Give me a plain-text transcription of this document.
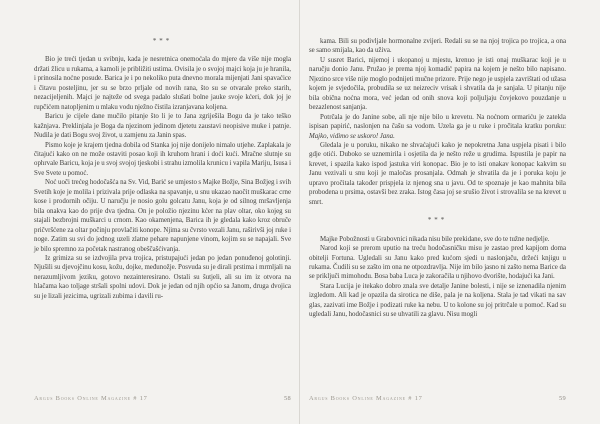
***

Bio je treći tjedan u svibnju, kada je nesretnica onemoćala do mjere da više nije mogla držati žlicu u rukama, a kamoli je približiti ustima. Ovisila je o svojoj majci koja ju je hranila, i prinosila noćne posude. Barica je i po nekoliko puta dnevno morala mijenjati Jani spavaćice i čitavu posteljinu, jer su se brzo prljale od novih rana, što su se otvarale preko starih, nezacijeljenih. Majci je najteže od svega padalo slušati bolne jauke svoje kćeri, dok joj je rupčićem natopljenim u mlaku vodu nježno čistila izranjavana koljena.

Baricu je cijele dane mučilo pitanje što li je to Jana zgriješila Bogu da je tako teško kažnjava. Preklinjala je Boga da njezinom jedinom djetetu zaustavi neopisive muke i patnje. Nudila je dati Bogu svoj život, u zamjenu za Janin spas.

Pismo koje je krajem tjedna dobila od Stanka joj nije donijelo nimalo utjehe. Zaplakala je čitajući kako on ne može ostaviti posao koji ih kruhom hrani i doći kući. Mračne slutnje su ophrvale Baricu, koja je u svoj svojoj tjeskobi i strahu izmolila krunicu i vapila Mariju, Isusa i Sve Svete u pomoć.

Noć uoči trećeg hodočašća na Sv. Vid, Barić se umjesto s Majke Božje, Sina Božjeg i svih Svetih koje je molila i prizivala prije odlaska na spavanje, u snu ukazao naočit muškarac crne kose i prodornih očiju. U naručju je nosio golu golcatu Janu, koja je od silnog mršavljenja bila onakva kao do prije dva tjedna. On je položio njezinu kćer na plav oltar, oko kojeg su stajali bezbrojni muškarci u crnom. Kao okamenjena, Barica ih je gledala kako kroz obruče pričvršćene za oltar počinju provlačiti konope. Njima su čvrsto vezali Janu, raširivši joj ruke i noge. Zatim su svi do jednog uzeli zlatne pehare napunjene vinom, kojim su se napajali. Sve je bilo spremno za početak nastranog obeščašćivanja.

Iz grimiza su se izdvojila prva trojica, pristupajući jedan po jedan ponuđenoj golotinji. Njušili su djevojčinu kosu, kožu, dojke, međunožje. Posvuda su je dirali prstima i mrmljali na nerazumljivom jeziku, gotovo nezainteresirano. Ostali su šutjeli, ali su im iz otvora na hlačama kao toljage stršali spolni udovi. Dok je jedan od njih općio sa Janom, druga dvojica su je lizali jezicima, ugrizali zubima i davili ru-

Argus Books Online Magazine # 17	58

kama. Bili su podivljale hormonalne zvijeri. Redali su se na njoj trojica po trojica, a ona se samo smijala, kao da uživa.

U susret Barici, nijemoj i ukopanoj u mjestu, krenuo je isti onaj muškarac koji je u naručju donio Janu. Pružao je prema njoj komadić papira na kojem je nešto bilo napisano. Njezino srce više nije moglo podnijeti mučne prizore. Prije nego je uspjela zavrištati od užasa kojem je svjedočila, probudila se uz neizreciv vrisak i shvatila da je sanjala. U pitanju nije bila obična noćna mora, već jedan od onih snova koji poljuljaju čovjekovo pouzdanje u bezazlenost sanjanja.

Potrčala je do Janine sobe, ali nje nije bilo u krevetu. Na noćnom ormariću je zatekla ispisan papirić, naslonjen na čašu sa vodom. Uzela ga je u ruke i pročitala kratku poruku: Majko, vidimo se uskoro! Jana.

Gledala je u poruku, nikako ne shvaćajući kako je nepokretna Jana uspjela pisati i bilo gdje otići. Duboko se uznemirila i osjetila da je nešto reže u grudima. Ispustila je papir na krevet, i spazila kako ispod jastuka viri konopac. Bio je to isti onakav konopac kakvim su Janu vezivali u snu koji je maločas prosanjala. Odmah je shvatila da je i poruka koju je upravo pročitala također prispjela iz njenog sna u javu. Od te spoznaje je kao mahnita bila probodena u prsima, ostavši bez zraka. Istog časa joj se srušio život i strovalila se na krevet u smrt.

***

Majke Pobožnosti u Grabovnici nikada nisu bile prekidane, sve do te tužne nedjelje.

Narod koji se prerom uputio na treću hodočasničku misu je zastao pred kapijom doma obitelji Fortuna. Ugledali su Janu kako pred kućom sjedi u naslonjaču, držeći knjigu u rukama. Čudili su se zašto im ona ne otpozdravlja. Nije im bilo jasno ni zašto nema Barice da se priključi mimohodu. Bosa baba Luca je zakoračila u njihovo dvorište, hodajući ka Jani.

Stara Lucija je itekako dobro znala sve detalje Janine bolesti, i nije se iznenadila njenim izgledom. Ali kad je opazila da sirotica ne diše, pala je na koljena. Stala je tad vikati na sav glas, zazivati ime Božje i podizati ruke ka nebu. U to kolone su joj pritrčale u pomoć. Kad su ugledali Janu, hodočasnici su se uhvatili za glavu. Nisu mogli

Argus Books Online Magazine # 17	59
